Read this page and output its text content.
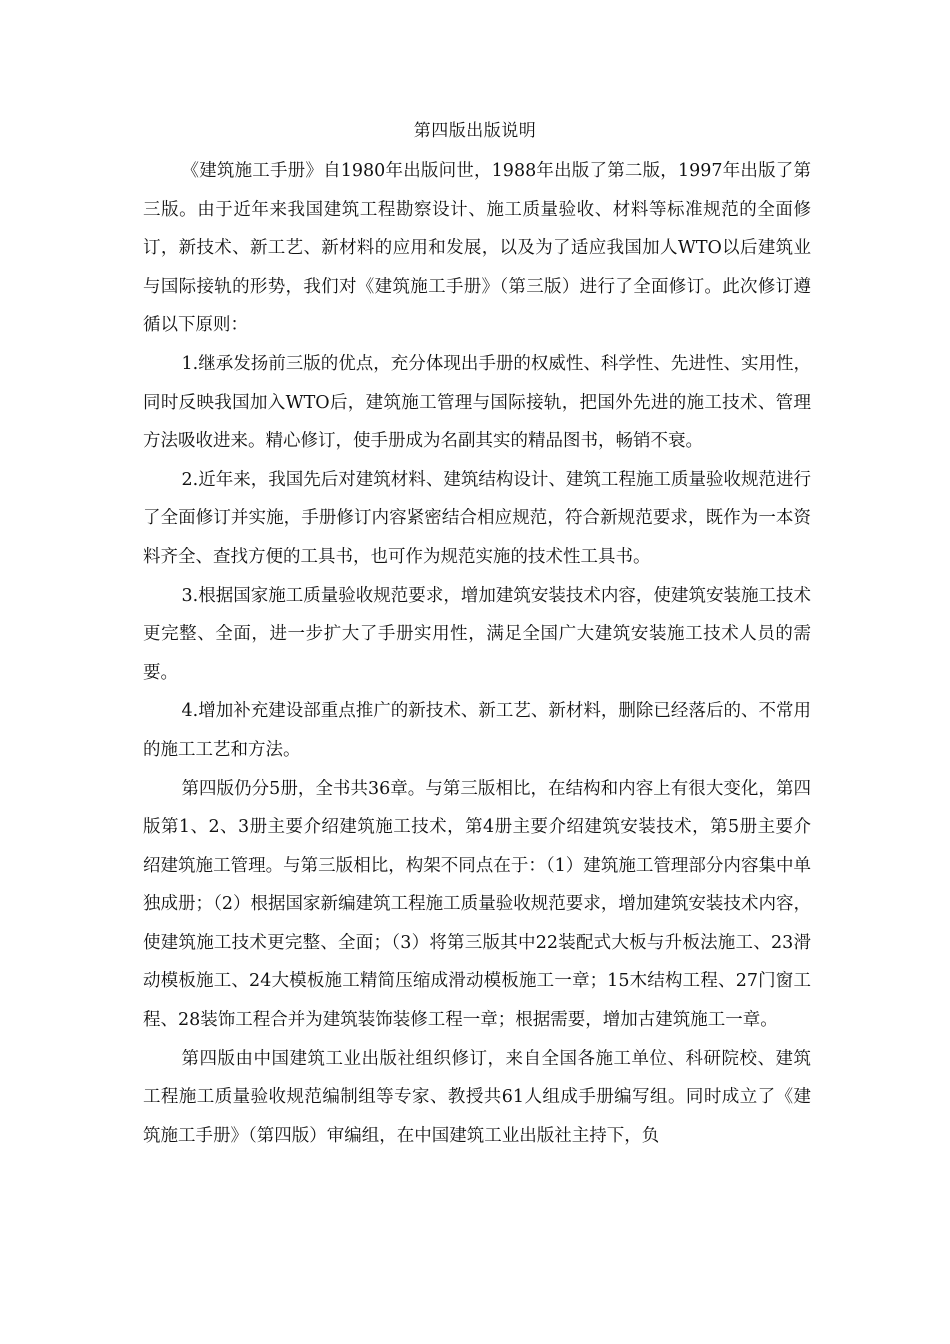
第四版出版说明

《建筑施工手册》自1980年出版问世，1988年出版了第二版，1997年出版了第三版。由于近年来我国建筑工程勘察设计、施工质量验收、材料等标准规范的全面修订，新技术、新工艺、新材料的应用和发展，以及为了适应我国加人WTO以后建筑业与国际接轨的形势，我们对《建筑施工手册》（第三版）进行了全面修订。此次修订遵循以下原则：

1.继承发扬前三版的优点，充分体现出手册的权威性、科学性、先进性、实用性，同时反映我国加入WTO后，建筑施工管理与国际接轨，把国外先进的施工技术、管理方法吸收进来。精心修订，使手册成为名副其实的精品图书，畅销不衰。

2.近年来，我国先后对建筑材料、建筑结构设计、建筑工程施工质量验收规范进行了全面修订并实施，手册修订内容紧密结合相应规范，符合新规范要求，既作为一本资料齐全、查找方便的工具书，也可作为规范实施的技术性工具书。

3.根据国家施工质量验收规范要求，增加建筑安装技术内容，使建筑安装施工技术更完整、全面，进一步扩大了手册实用性，满足全国广大建筑安装施工技术人员的需要。

4.增加补充建设部重点推广的新技术、新工艺、新材料，删除已经落后的、不常用的施工工艺和方法。

第四版仍分5册，全书共36章。与第三版相比，在结构和内容上有很大变化，第四版第1、2、3册主要介绍建筑施工技术，第4册主要介绍建筑安装技术，第5册主要介绍建筑施工管理。与第三版相比，构架不同点在于：（1）建筑施工管理部分内容集中单独成册；（2）根据国家新编建筑工程施工质量验收规范要求，增加建筑安装技术内容，使建筑施工技术更完整、全面；（3）将第三版其中22装配式大板与升板法施工、23滑动模板施工、24大模板施工精简压缩成滑动模板施工一章；15木结构工程、27门窗工程、28装饰工程合并为建筑装饰装修工程一章；根据需要，增加古建筑施工一章。

第四版由中国建筑工业出版社组织修订，来自全国各施工单位、科研院校、建筑工程施工质量验收规范编制组等专家、教授共61人组成手册编写组。同时成立了《建筑施工手册》（第四版）审编组，在中国建筑工业出版社主持下，负
